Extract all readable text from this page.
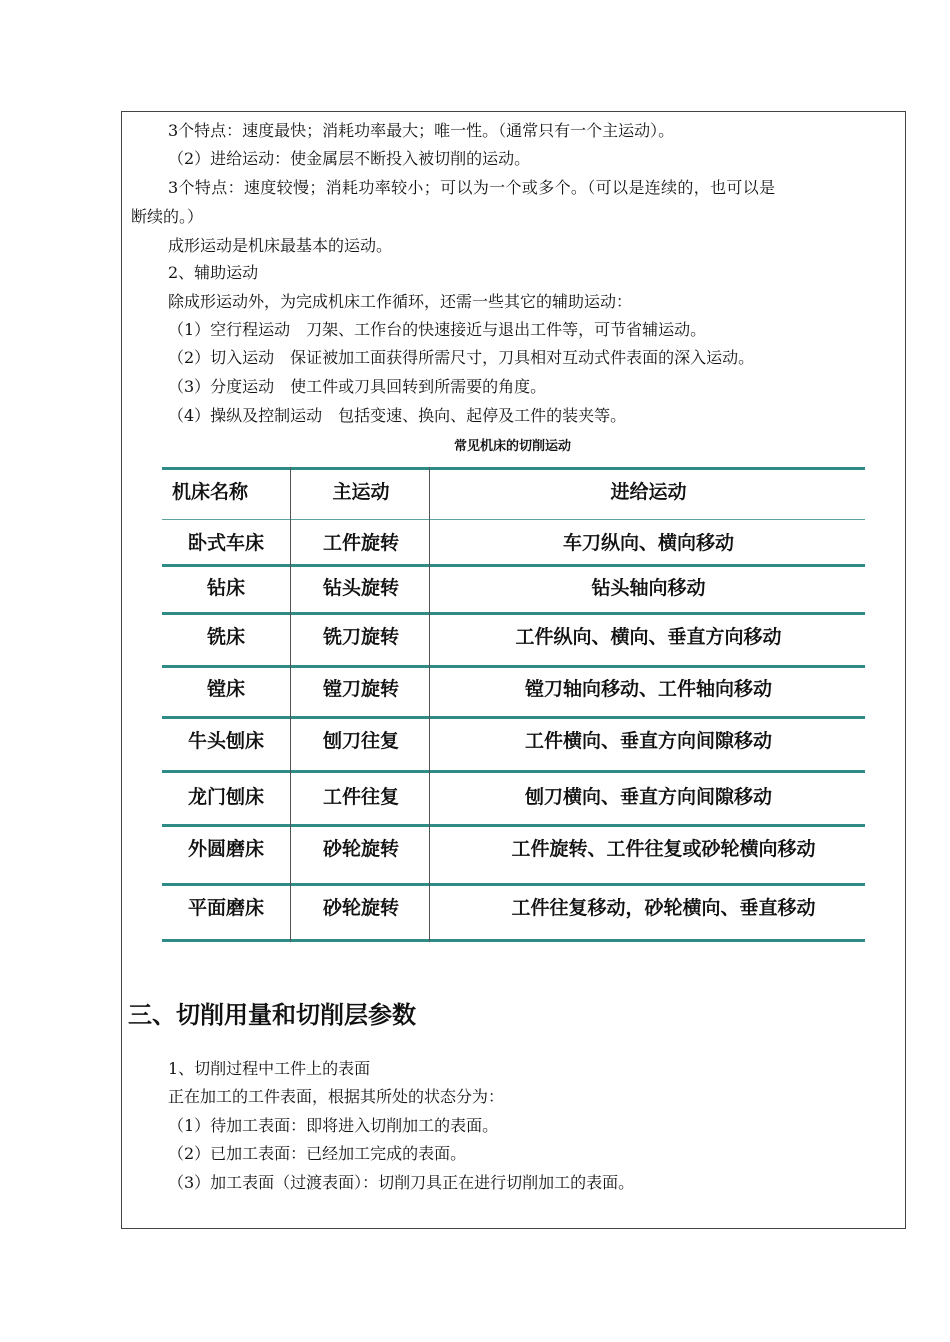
3个特点：速度最快；消耗功率最大；唯一性。（通常只有一个主运动）。
（2）进给运动：使金属层不断投入被切削的运动。
3个特点：速度较慢；消耗功率较小；可以为一个或多个。（可以是连续的，也可以是
断续的。）
成形运动是机床最基本的运动。
2、辅助运动
除成形运动外，为完成机床工作循环，还需一些其它的辅助运动：
（1）空行程运动　刀架、工作台的快速接近与退出工件等，可节省辅运动。
（2）切入运动　保证被加工面获得所需尺寸，刀具相对互动式件表面的深入运动。
（3）分度运动　使工件或刀具回转到所需要的角度。
（4）操纵及控制运动　包括变速、换向、起停及工件的装夹等。
常见机床的切削运动
机床名称	主运动	进给运动
卧式车床	工件旋转	车刀纵向、横向移动
钻床	钻头旋转	钻头轴向移动
铣床	铣刀旋转	工件纵向、横向、垂直方向移动
镗床	镗刀旋转	镗刀轴向移动、工件轴向移动
牛头刨床	刨刀往复	工件横向、垂直方向间隙移动
龙门刨床	工件往复	刨刀横向、垂直方向间隙移动
外圆磨床	砂轮旋转	工件旋转、工件往复或砂轮横向移动
平面磨床	砂轮旋转	工件往复移动，砂轮横向、垂直移动
三、切削用量和切削层参数
1、切削过程中工件上的表面
正在加工的工件表面，根据其所处的状态分为：
（1）待加工表面：即将进入切削加工的表面。
（2）已加工表面：已经加工完成的表面。
（3）加工表面（过渡表面）：切削刀具正在进行切削加工的表面。
